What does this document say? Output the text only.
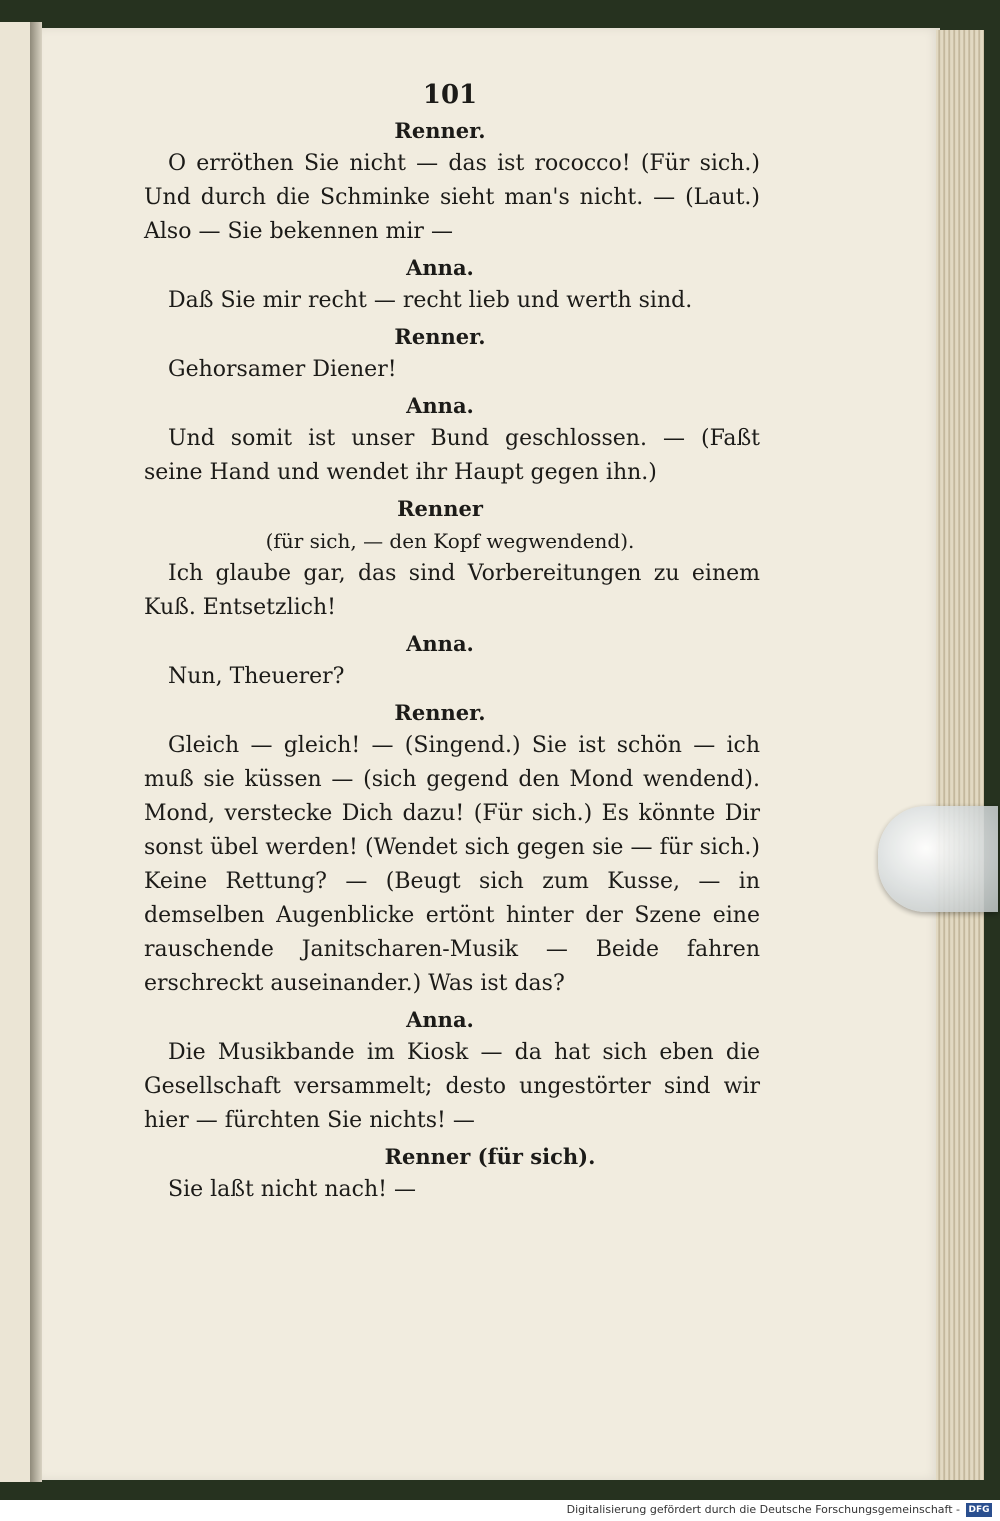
101
Renner.

O erröthen Sie nicht — das ist rococco! (Für sich.) Und durch die Schminke sieht man's nicht. — (Laut.) Also — Sie bekennen mir —

Anna.

Daß Sie mir recht — recht lieb und werth sind.

Renner.

Gehorsamer Diener!

Anna.

Und somit ist unser Bund geschlossen. — (Faßt seine Hand und wendet ihr Haupt gegen ihn.)

Renner
(für sich, — den Kopf wegwendend).

Ich glaube gar, das sind Vorbereitungen zu einem Kuß. Entsetzlich!

Anna.

Nun, Theuerer?

Renner.

Gleich — gleich! — (Singend.) Sie ist schön — ich muß sie küssen — (sich gegend den Mond wendend). Mond, verstecke Dich dazu! (Für sich.) Es könnte Dir sonst übel werden! (Wendet sich gegen sie — für sich.) Keine Rettung? — (Beugt sich zum Kusse, — in demselben Augenblicke ertönt hinter der Szene eine rauschende Janitscharen-Musik — Beide fahren erschreckt auseinander.) Was ist das?

Anna.

Die Musikbande im Kiosk — da hat sich eben die Gesellschaft versammelt; desto ungestörter sind wir hier — fürchten Sie nichts! —

Renner (für sich).

Sie laßt nicht nach! —

Digitalisierung gefördert durch die Deutsche Forschungsgemeinschaft - DFG
